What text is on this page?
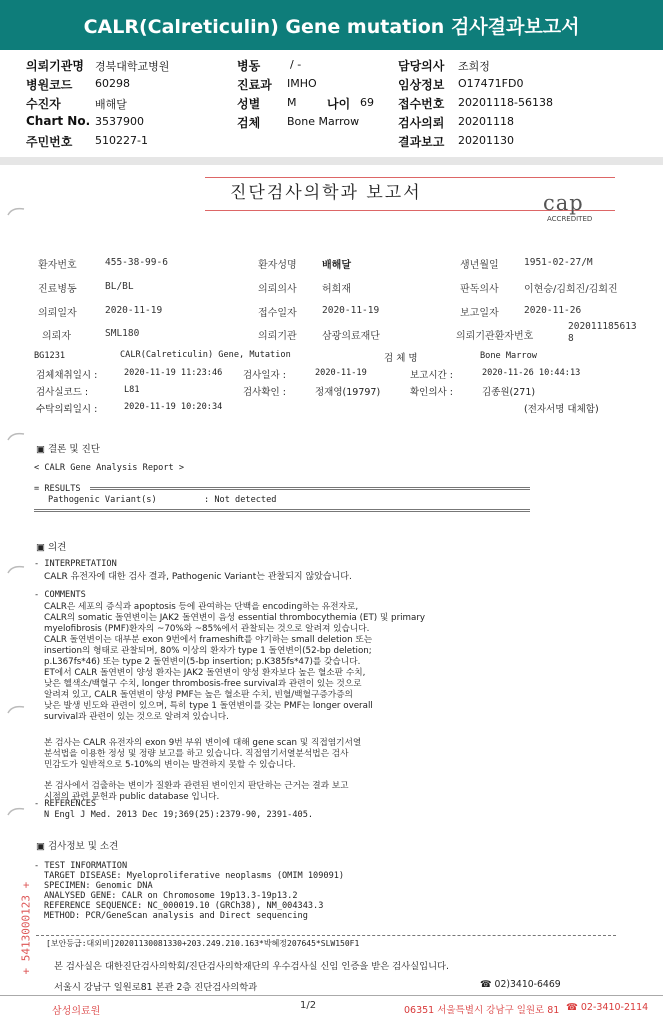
CALR(Calreticulin) Gene mutation 검사결과보고서
의뢰기관명 경북대학교병원	병동	/ -	담당의사 조희정
병원코드 60298	진료과 IMHO	임상정보 O17471FD0
수진자	배해달	성별 M	나이 69 접수번호 20201118-56138
Chart No. 3537900	검체 Bone Marrow	검사의뢰 20201118
주민번호 510227-1	결과보고 20201130
진단검사의학과 보고서	cap
ACCREDITED
환자번호	455-38-99-6	환자성명	배해달	생년월일	1951-02-27/M
진료병동	BL/BL	의뢰의사	허희재	판독의사	이현승/김희진/김회진
의뢰일자	2020-11-19	접수일자	2020-11-19	보고일자	2020-11-26
의뢰자	SML180	의뢰기관	삼광의료재단	의뢰기관환자번호
202011185613
8
BG1231	CALR(Calreticulin) Gene, Mutation	검 체 명	Bone Marrow
검체채취일시 :	2020-11-19 11:23:46 검사일자 :	2020-11-19	보고시간 :	2020-11-26 10:44:13
검사실코드 :	L81	검사확인 :	정재영(19797)	확인의사 :	김종원(271)
수탁의뢰일시 :	2020-11-19 10:20:34	(전자서명 대체함)
▣ 결론 및 진단
< CALR Gene Analysis Report >
= RESULTS
Pathogenic Variant(s)	: Not detected
▣ 의견
- INTERPRETATION
CALR 유전자에 대한 검사 결과, Pathogenic Variant는 관찰되지 않았습니다.
- COMMENTS
CALR은 세포의 증식과 apoptosis 등에 관여하는 단백을 encoding하는 유전자로,
CALR의 somatic 돌연변이는 JAK2 돌연변이 음성 essential thrombocythemia (ET) 및 primary
myelofibrosis (PMF)환자의 ~70%와 ~85%에서 관찰되는 것으로 알려져 있습니다.
CALR 돌연변이는 대부분 exon 9번에서 frameshift를 야기하는 small deletion 또는
insertion의 형태로 관찰되며, 80% 이상의 환자가 type 1 돌연변이(52-bp deletion;
p.L367fs*46) 또는 type 2 돌연변이(5-bp insertion; p.K385fs*47)를 갖습니다.
ET에서 CALR 돌연변이 양성 환자는 JAK2 돌연변이 양성 환자보다 높은 혈소판 수치,
낮은 헬색소/백혈구 수치, longer thrombosis-free survival과 관련이 있는 것으로
알려져 있고, CALR 돌연변이 양성 PMF는 높은 혈소판 수치, 빈혈/백혈구증가증의
낮은 발생 빈도와 관련이 있으며, 특히 type 1 돌연변이를 갖는 PMF는 longer overall
survival과 관련이 있는 것으로 알려져 있습니다.
본 검사는 CALR 유전자의 exon 9번 부위 변이에 대해 gene scan 및 직접염기서열
분석법을 이용한 정성 및 정량 보고를 하고 있습니다. 직접염기서열분석법은 검사
민감도가 일반적으로 5-10%의 변이는 발견하지 못할 수 있습니다.
본 검사에서 검출하는 변이가 질환과 관련된 변이인지 판단하는 근거는 결과 보고
시점의 관련 문헌과 public database 입니다.
- REFERENCES
N Engl J Med. 2013 Dec 19;369(25):2379-90, 2391-405.
▣ 검사정보 및 소견
- TEST INFORMATION
TARGET DISEASE: Myeloproliferative neoplasms (OMIM 109091)
SPECIMEN: Genomic DNA
ANALYSED GENE: CALR on Chromosome 19p13.3-19p13.2
REFERENCE SEQUENCE: NC_000019.10 (GRCh38), NM_004343.3
METHOD: PCR/GeneScan analysis and Direct sequencing
+ 5413000123 + [보안등급:대외비]20201130081330+203.249.210.163*박혜정207645*SLW150F1
본 검사실은 대한진단검사의학회/진단검사의학재단의 우수검사실 신임 인증을 받은 검사실입니다.
서울시 강남구 일원로81 본관 2층 진단검사의학과	☎ 02)3410-6469
삼성의료원
1/2	06351 서울특별시 강남구 일원로 81 ☎ 02-3410-2114
